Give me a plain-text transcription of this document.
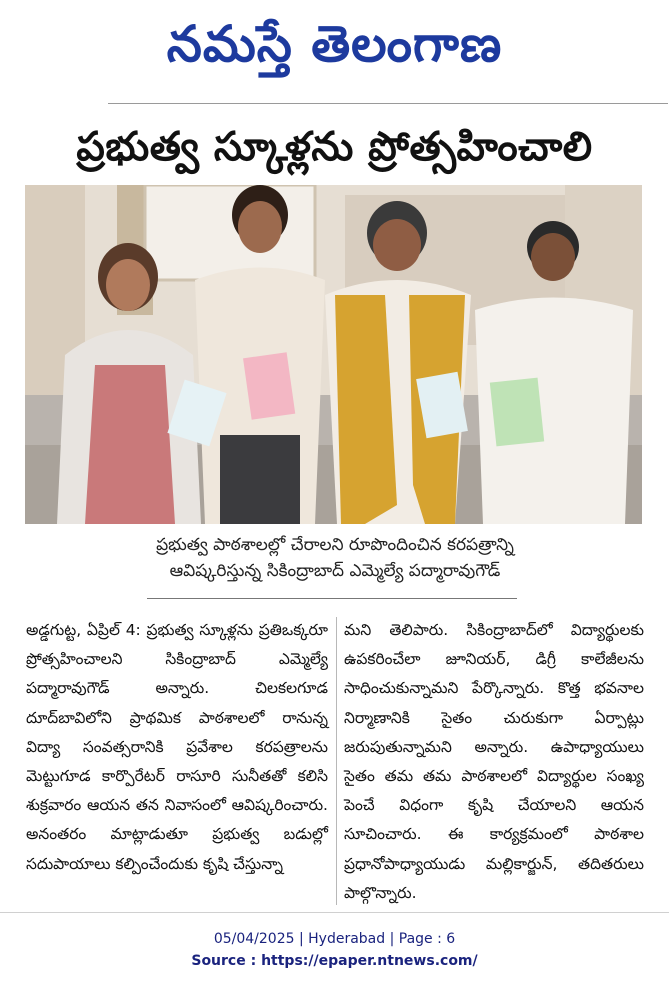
నమస్తే తెలంగాణ
ప్రభుత్వ స్కూళ్లను ప్రోత్సహించాలి
ప్రభుత్వ పాఠశాలల్లో చేరాలని రూపొందించిన కరపత్రాన్ని
ఆవిష్కరిస్తున్న సికింద్రాబాద్ ఎమ్మెల్యే పద్మారావుగౌడ్
అడ్డగుట్ట, ఏప్రిల్ 4: ప్రభుత్వ స్కూళ్లను ప్రతిఒక్కరూ ప్రోత్సహించాలని సికింద్రాబాద్ ఎమ్మెల్యే పద్మారావుగౌడ్ అన్నారు. చిలకలగూడ దూద్‌బావిలోని ప్రాథమిక పాఠశాలలో రానున్న విద్యా సంవత్సరానికి ప్రవేశాల కరపత్రాలను మెట్టుగూడ కార్పొరేటర్ రాసూరి సునీతతో కలిసి శుక్రవారం ఆయన తన నివాసంలో ఆవిష్కరించారు. అనంతరం మాట్లాడుతూ ప్రభుత్వ బడుల్లో సదుపాయాలు కల్పించేందుకు కృషి చేస్తున్నా
మని తెలిపారు. సికింద్రాబాద్‌లో విద్యార్థులకు ఉపకరించేలా జూనియర్, డిగ్రీ కాలేజీలను సాధించుకున్నామని పేర్కొన్నారు. కొత్త భవనాల నిర్మాణానికి సైతం చురుకుగా ఏర్పాట్లు జరుపుతున్నామని అన్నారు. ఉపాధ్యాయులు సైతం తమ తమ పాఠశాలలో విద్యార్థుల సంఖ్య పెంచే విధంగా కృషి చేయాలని ఆయన సూచించారు. ఈ కార్యక్రమంలో పాఠశాల ప్రధానోపాధ్యాయుడు మల్లికార్జున్, తదితరులు పాల్గొన్నారు.
05/04/2025 | Hyderabad | Page : 6
Source : https://epaper.ntnews.com/
